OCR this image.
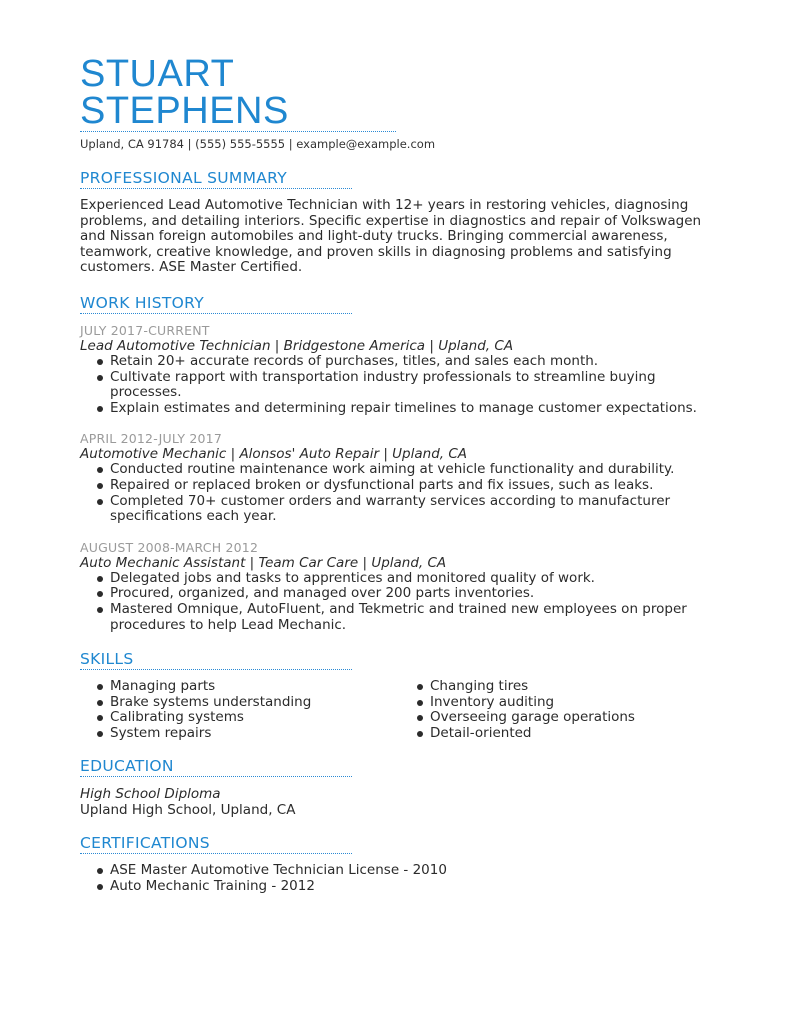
STUART
STEPHENS
Upland, CA 91784 | (555) 555-5555 | example@example.com
PROFESSIONAL SUMMARY
Experienced Lead Automotive Technician with 12+ years in restoring vehicles, diagnosing problems, and detailing interiors. Specific expertise in diagnostics and repair of Volkswagen and Nissan foreign automobiles and light-duty trucks. Bringing commercial awareness, teamwork, creative knowledge, and proven skills in diagnosing problems and satisfying customers. ASE Master Certified.
WORK HISTORY
JULY 2017-CURRENT
Lead Automotive Technician | Bridgestone America | Upland, CA
Retain 20+ accurate records of purchases, titles, and sales each month.
Cultivate rapport with transportation industry professionals to streamline buying processes.
Explain estimates and determining repair timelines to manage customer expectations.
APRIL 2012-JULY 2017
Automotive Mechanic | Alonsos' Auto Repair | Upland, CA
Conducted routine maintenance work aiming at vehicle functionality and durability.
Repaired or replaced broken or dysfunctional parts and fix issues, such as leaks.
Completed 70+ customer orders and warranty services according to manufacturer specifications each year.
AUGUST 2008-MARCH 2012
Auto Mechanic Assistant | Team Car Care | Upland, CA
Delegated jobs and tasks to apprentices and monitored quality of work.
Procured, organized, and managed over 200 parts inventories.
Mastered Omnique, AutoFluent, and Tekmetric and trained new employees on proper procedures to help Lead Mechanic.
SKILLS
Managing parts
Brake systems understanding
Calibrating systems
System repairs
Changing tires
Inventory auditing
Overseeing garage operations
Detail-oriented
EDUCATION
High School Diploma
Upland High School, Upland, CA
CERTIFICATIONS
ASE Master Automotive Technician License - 2010
Auto Mechanic Training - 2012
